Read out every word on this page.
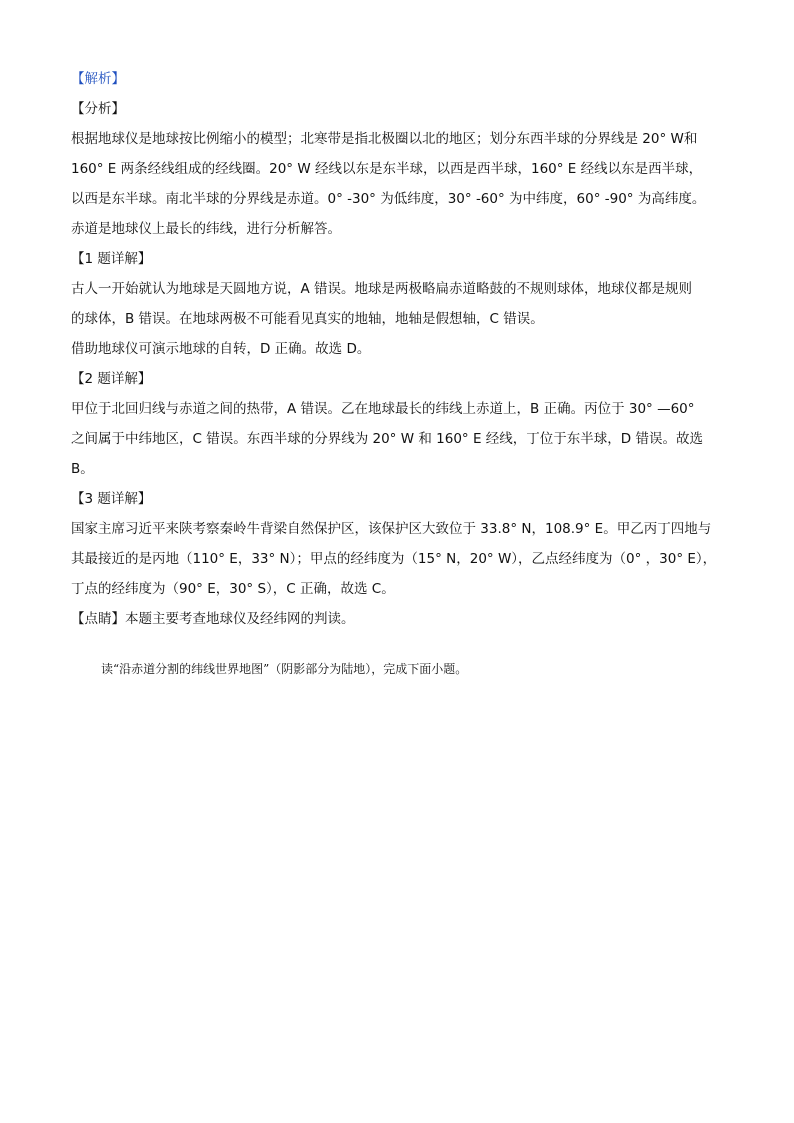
【解析】
【分析】
根据地球仪是地球按比例缩小的模型；北寒带是指北极圈以北的地区；划分东西半球的分界线是 20° W和
160° E 两条经线组成的经线圈。20° W 经线以东是东半球，以西是西半球，160° E 经线以东是西半球，
以西是东半球。南北半球的分界线是赤道。0° -30° 为低纬度，30° -60° 为中纬度，60° -90° 为高纬度。
赤道是地球仪上最长的纬线，进行分析解答。
【1 题详解】
古人一开始就认为地球是天圆地方说，A 错误。地球是两极略扁赤道略鼓的不规则球体，地球仪都是规则
的球体，B 错误。在地球两极不可能看见真实的地轴，地轴是假想轴，C 错误。
借助地球仪可演示地球的自转，D 正确。故选 D。
【2 题详解】
甲位于北回归线与赤道之间的热带，A 错误。乙在地球最长的纬线上赤道上，B 正确。丙位于 30° —60°
之间属于中纬地区，C 错误。东西半球的分界线为 20° W 和 160° E 经线，丁位于东半球，D 错误。故选
B。
【3 题详解】
国家主席习近平来陕考察秦岭牛背梁自然保护区，该保护区大致位于 33.8° N，108.9° E。甲乙丙丁四地与
其最接近的是丙地（110° E，33° N）；甲点的经纬度为（15° N，20° W），乙点经纬度为（0° ，30° E），
丁点的经纬度为（90° E，30° S），C 正确，故选 C。
【点睛】本题主要考查地球仪及经纬网的判读。
读“沿赤道分割的纬线世界地图”（阴影部分为陆地），完成下面小题。
